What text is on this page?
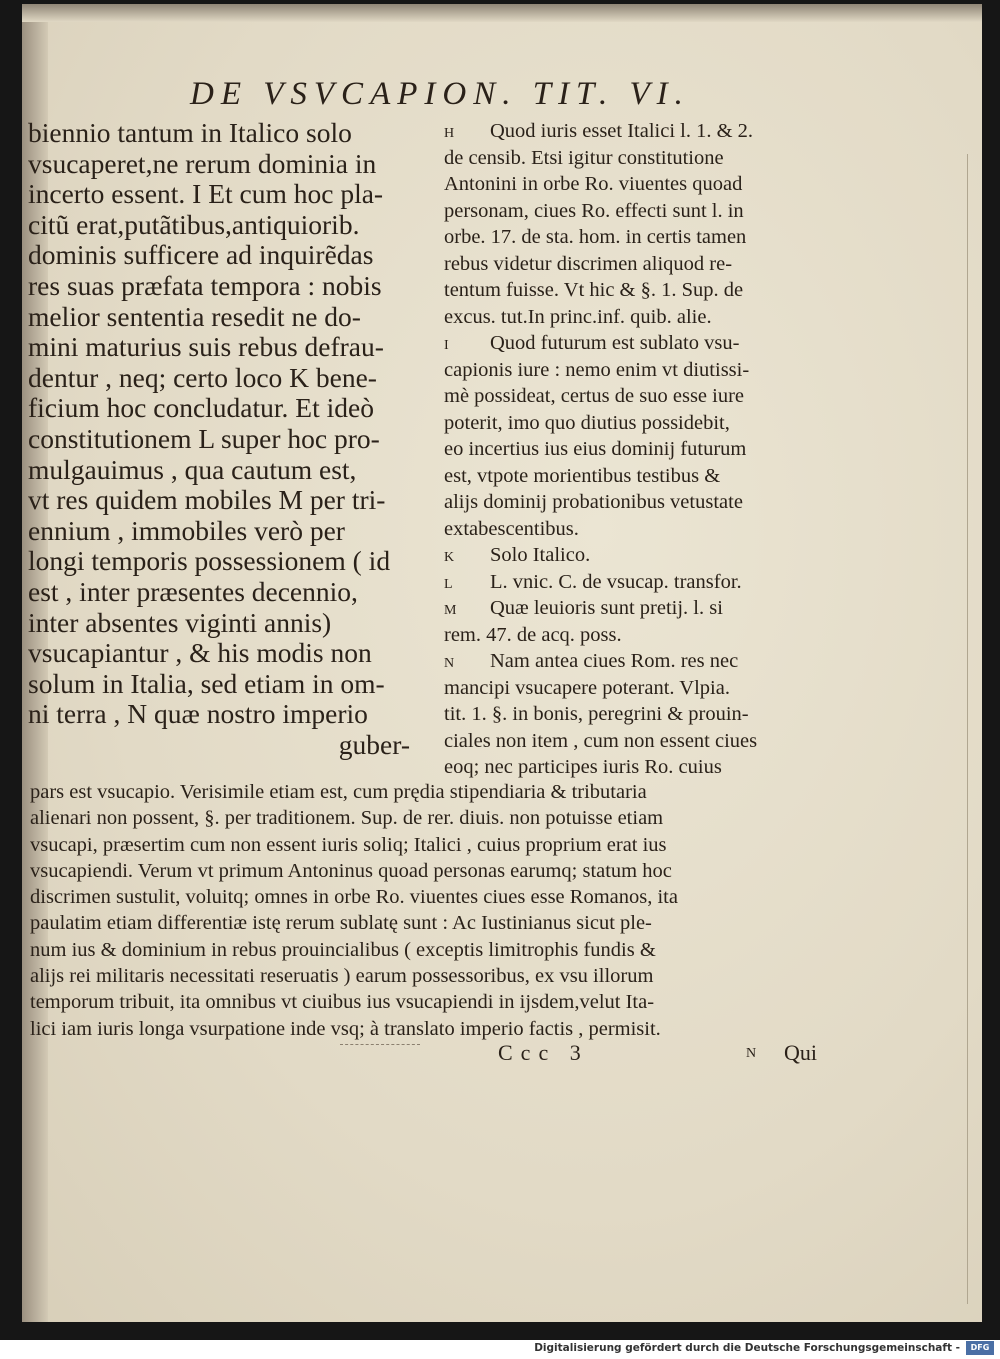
DE VSVCAPION. TIT. VI.
biennio tantum in Italico solo
vsucaperet,ne rerum dominia in
incerto essent. I Et cum hoc pla-
citũ erat,putãtibus,antiquiorib.
dominis sufficere ad inquirẽdas
res suas præfata tempora : nobis
melior sententia resedit ne do-
mini maturius suis rebus defrau-
dentur , neq; certo loco K bene-
ficium hoc concludatur. Et ideò
constitutionem L super hoc pro-
mulgauimus , qua cautum est,
vt res quidem mobiles M per tri-
ennium , immobiles verò per
longi temporis possessionem ( id
est , inter præsentes decennio,
inter absentes viginti annis)
vsucapiantur , & his modis non
solum in Italia, sed etiam in om-
ni terra , N quæ nostro imperio
guber-
H Quod iuris esset Italici l. 1. & 2.
de censib. Etsi igitur constitutione
Antonini in orbe Ro. viuentes quoad
personam, ciues Ro. effecti sunt l. in
orbe. 17. de sta. hom. in certis tamen
rebus videtur discrimen aliquod re-
tentum fuisse. Vt hic & §. 1. Sup. de
excus. tut.In princ.inf. quib. alie.
I Quod futurum est sublato vsu-
capionis iure : nemo enim vt diutissi-
mè possideat, certus de suo esse iure
poterit, imo quo diutius possidebit,
eo incertius ius eius dominij futurum
est, vtpote morientibus testibus &
alijs dominij probationibus vetustate
extabescentibus.
K Solo Italico.
L L. vnic. C. de vsucap. transfor.
M Quæ leuioris sunt pretij. l. si
rem. 47. de acq. poss.
N Nam antea ciues Rom. res nec
mancipi vsucapere poterant. Vlpia.
tit. 1. §. in bonis, peregrini & prouin-
ciales non item , cum non essent ciues
eoq; nec participes iuris Ro. cuius
pars est vsucapio. Verisimile etiam est, cum prędia stipendiaria & tributaria
alienari non possent, §. per traditionem. Sup. de rer. diuis. non potuisse etiam
vsucapi, præsertim cum non essent iuris soliq; Italici , cuius proprium erat ius
vsucapiendi. Verum vt primum Antoninus quoad personas earumq; statum hoc
discrimen sustulit, voluitq; omnes in orbe Ro. viuentes ciues esse Romanos, ita
paulatim etiam differentiæ istę rerum sublatę sunt : Ac Iustinianus sicut ple-
num ius & dominium in rebus prouincialibus ( exceptis limitrophis fundis &
alijs rei militaris necessitati reseruatis ) earum possessoribus, ex vsu illorum
temporum tribuit, ita omnibus vt ciuibus ius vsucapiendi in ijsdem,velut Ita-
lici iam iuris longa vsurpatione inde vsq; à translato imperio factis , permisit.
Ccc 3	N Qui
Digitalisierung gefördert durch die Deutsche Forschungsgemeinschaft -	DFG
